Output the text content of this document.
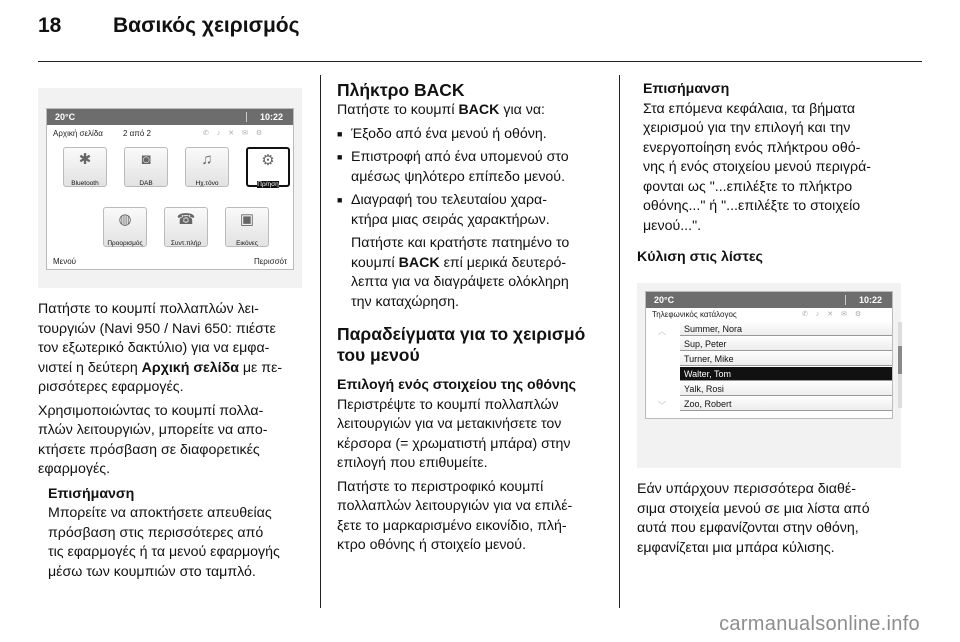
18 Βασικός χειρισμός
20°C	10:22
Αρχική σελίδα	2 από 2	✆ ♪ ✕ ✉ ⚙
✱
Bluetooth
◙
DAB
♫
Ηχ.τόνο
⚙
Πρ/ηση
◍
Προορισμός
☎
Συντ.πλήρ
▣
Εικόνες
Μενού	Περισσότ

Πατήστε το κουμπί πολλαπλών λει-
τουργιών (Navi 950 / Navi 650: πιέστε
τον εξωτερικό δακτύλιο) για να εμφα-
νιστεί η δεύτερη Αρχική σελίδα με πε-
ρισσότερες εφαρμογές.

Χρησιμοποιώντας το κουμπί πολλα-
πλών λειτουργιών, μπορείτε να απο-
κτήσετε πρόσβαση σε διαφορετικές
εφαρμογές.

Επισήμανση

Μπορείτε να αποκτήσετε απευθείας
πρόσβαση στις περισσότερες από
τις εφαρμογές ή τα μενού εφαρμογής
μέσω των κουμπιών στο ταμπλό.

Πλήκτρο BACK

Πατήστε το κουμπί BACK για να:

■ Έξοδο από ένα μενού ή οθόνη.

■ Επιστροφή από ένα υπομενού στο
αμέσως ψηλότερο επίπεδο μενού.

■ Διαγραφή του τελευταίου χαρα-
κτήρα μιας σειράς χαρακτήρων.

Πατήστε και κρατήστε πατημένο το
κουμπί BACK επί μερικά δευτερό-
λεπτα για να διαγράψετε ολόκληρη
την καταχώρηση.

Παραδείγματα για το χειρισμό
του μενού

Επιλογή ενός στοιχείου της οθόνης

Περιστρέψτε το κουμπί πολλαπλών
λειτουργιών για να μετακινήσετε τον
κέρσορα (= χρωματιστή μπάρα) στην
επιλογή που επιθυμείτε.

Πατήστε το περιστροφικό κουμπί
πολλαπλών λειτουργιών για να επιλέ-
ξετε το μαρκαρισμένο εικονίδιο, πλή-
κτρο οθόνης ή στοιχείο μενού.

Επισήμανση

Στα επόμενα κεφάλαια, τα βήματα
χειρισμού για την επιλογή και την
ενεργοποίηση ενός πλήκτρου οθό-
νης ή ενός στοιχείου μενού περιγρά-
φονται ως "...επιλέξτε το πλήκτρο
οθόνης..." ή "...επιλέξτε το στοιχείο
μενού...".

Κύλιση στις λίστες

20°C	10:22
Τηλεφωνικός κατάλογος	✆ ♪ ✕ ✉ ⚙
︿
﹀
Summer, Nora
Sup, Peter
Turner, Mike
Walter, Tom
Yalk, Rosi
Zoo, Robert

Εάν υπάρχουν περισσότερα διαθέ-
σιμα στοιχεία μενού σε μια λίστα από
αυτά που εμφανίζονται στην οθόνη,
εμφανίζεται μια μπάρα κύλισης.

carmanualsonline.info
